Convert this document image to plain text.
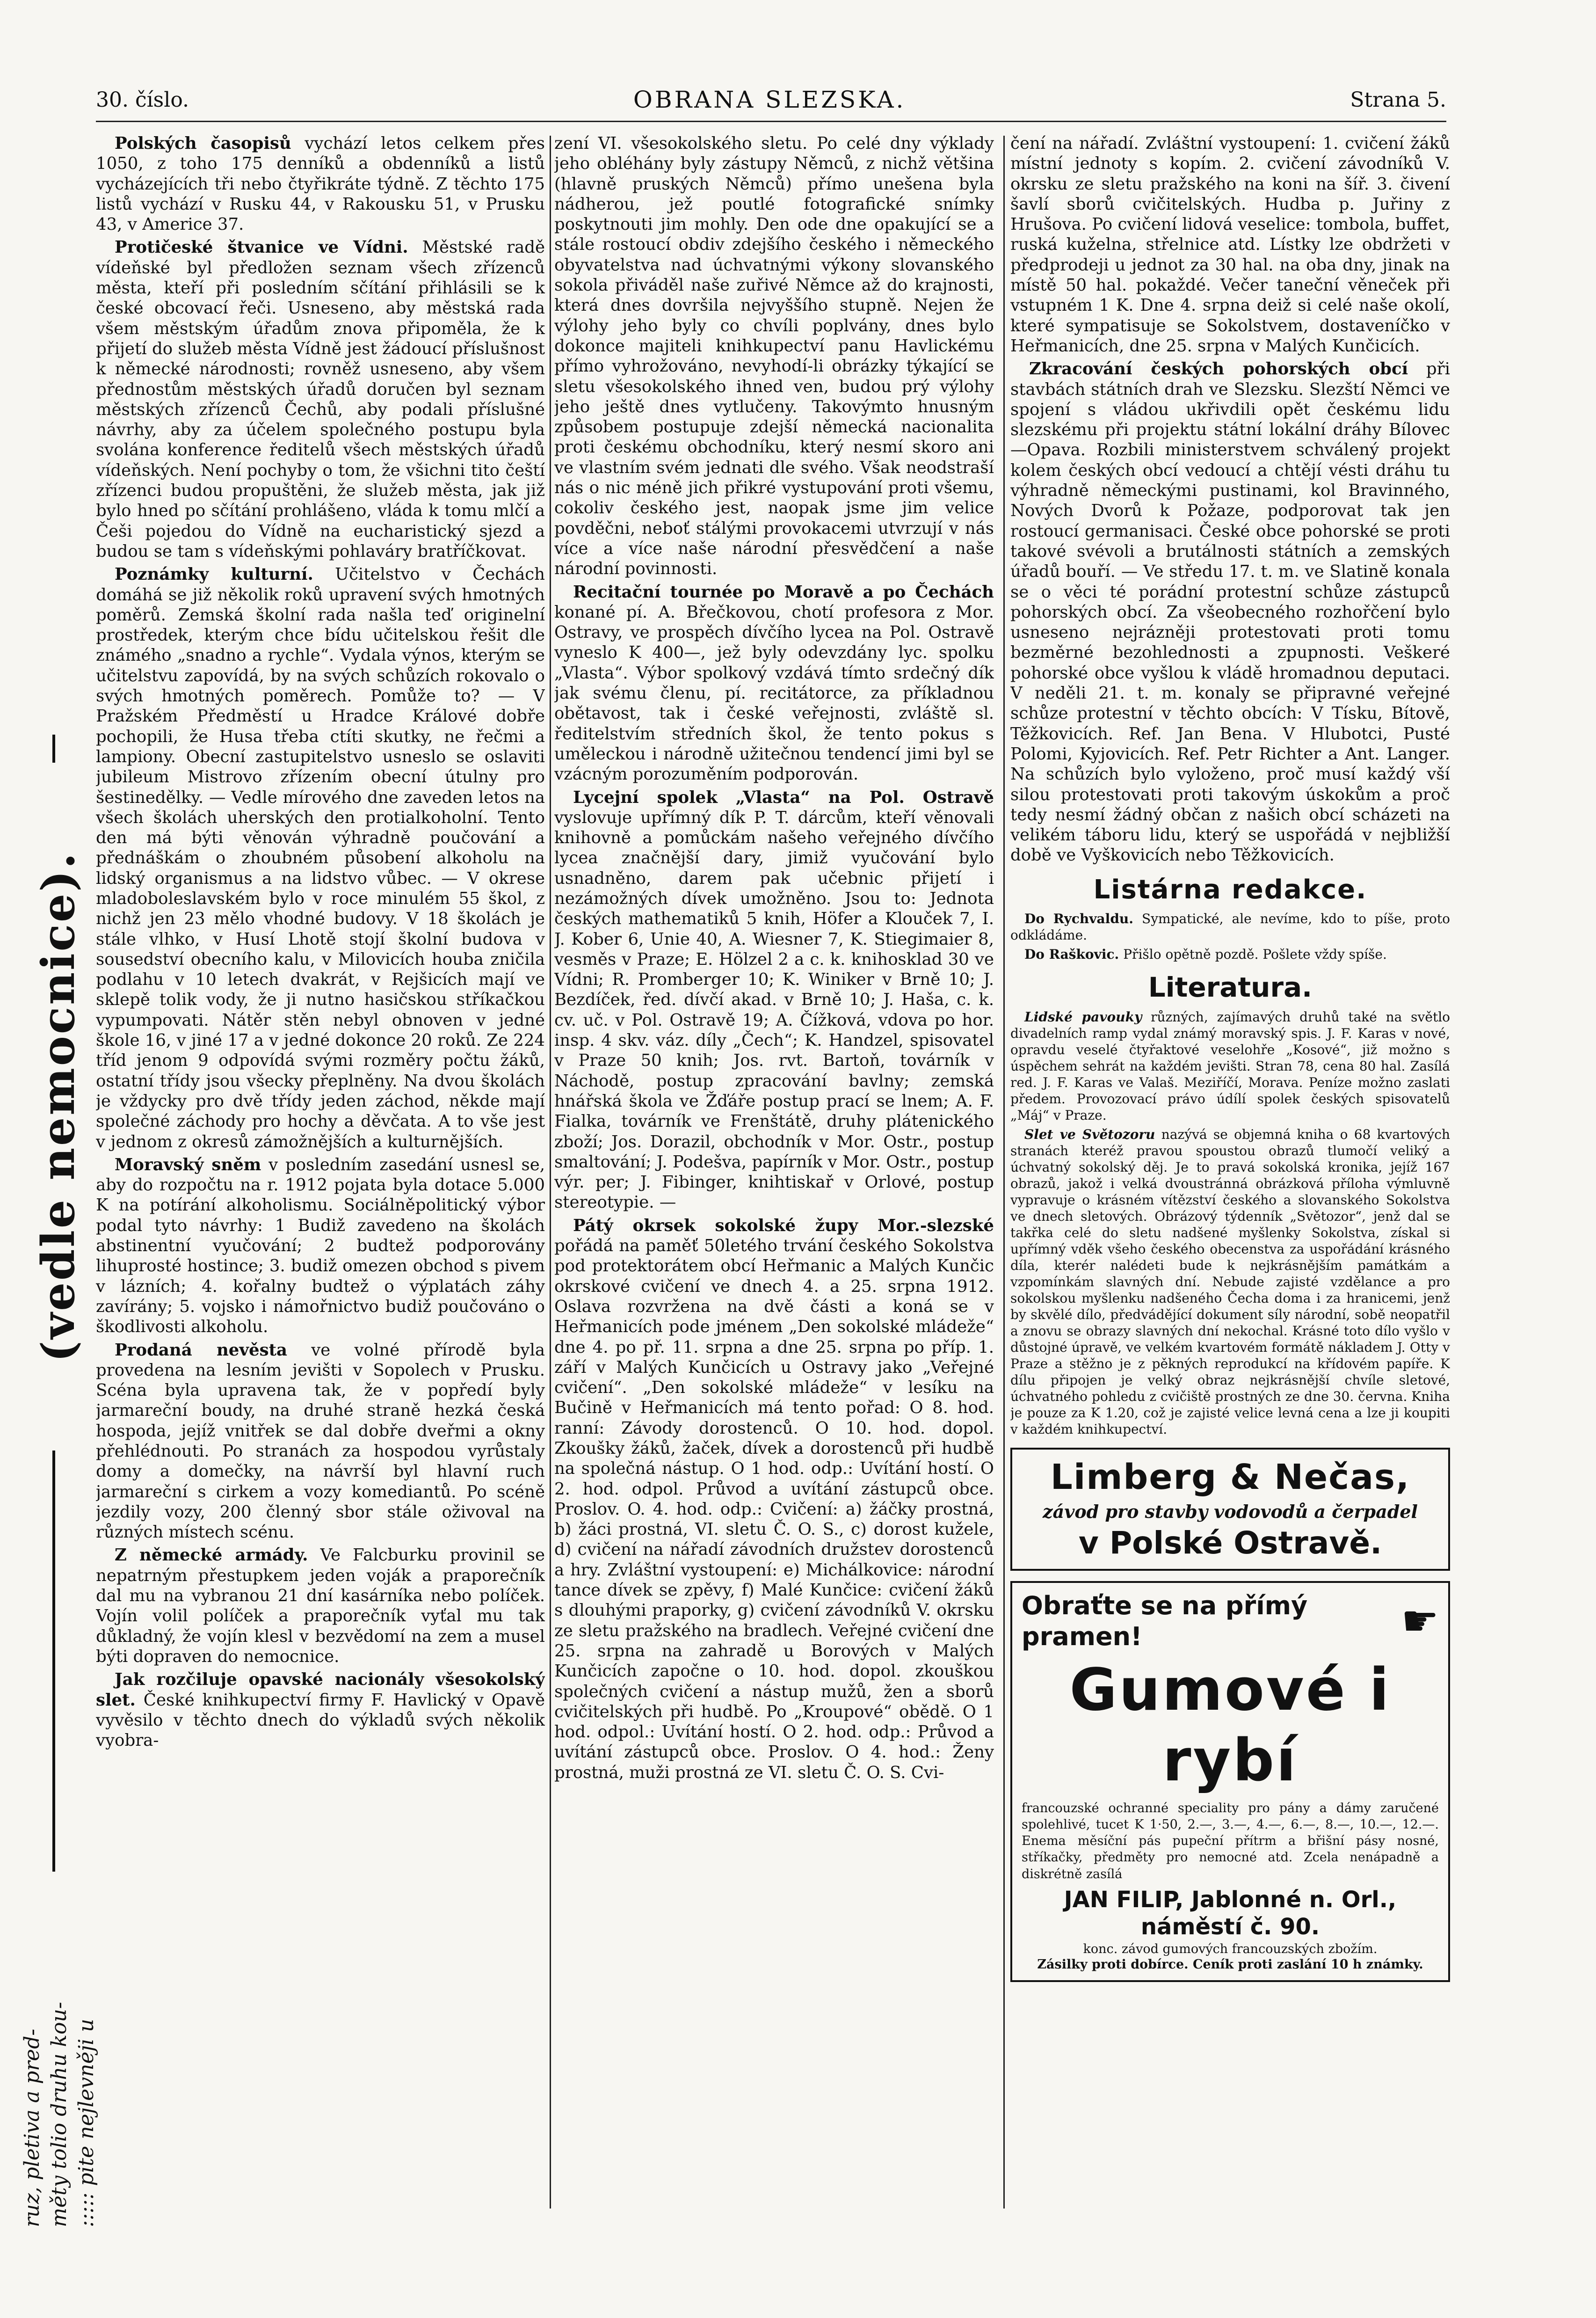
30. číslo.	OBRANA SLEZSKA.	Strana 5.
(vedle nemocnice).
ruz, pletiva a pred- měty tolio druhu kou- ::::: pite nejlevněji u

Polských časopisů vychází letos celkem přes 1050, z toho 175 denníků a obdenníků a listů vycházejících tři nebo čtyřikráte týdně. Z těchto 175 listů vychází v Rusku 44, v Rakousku 51, v Prusku 43, v Americe 37.

Protičeské štvanice ve Vídni. Městské radě vídeňské byl předložen seznam všech zřízenců města, kteří při posledním sčítání přihlásili se k české obcovací řeči. Usneseno, aby městská rada všem městským úřadům znova připoměla, že k přijetí do služeb města Vídně jest žádoucí příslušnost k německé národnosti; rovněž usneseno, aby všem přednostům městských úřadů doručen byl seznam městských zřízenců Čechů, aby podali příslušné návrhy, aby za účelem společného postupu byla svolána konference ředitelů všech městských úřadů vídeňských. Není pochyby o tom, že všichni tito čeští zřízenci budou propuštěni, že služeb města, jak již bylo hned po sčítání prohlášeno, vláda k tomu mlčí a Češi pojedou do Vídně na eucharistický sjezd a budou se tam s vídeňskými pohlaváry bratříčkovat.

Poznámky kulturní. Učitelstvo v Čechách domáhá se již několik roků upravení svých hmotných poměrů. Zemská školní rada našla teď originelní prostředek, kterým chce bídu učitelskou řešit dle známého „snadno a rychle“. Vydala výnos, kterým se učitelstvu zapovídá, by na svých schůzích rokovalo o svých hmotných poměrech. Pomůže to? — V Pražském Předměstí u Hradce Králové dobře pochopili, že Husa třeba ctíti skutky, ne řečmi a lampiony. Obecní zastupitelstvo usneslo se oslaviti jubileum Mistrovo zřízením obecní útulny pro šestinedělky. — Vedle mírového dne zaveden letos na všech školách uherských den protialkoholní. Tento den má býti věnován výhradně poučování a přednáškám o zhoubném působení alkoholu na lidský organismus a na lidstvo vůbec. — V okrese mladoboleslavském bylo v roce minulém 55 škol, z nichž jen 23 mělo vhodné budovy. V 18 školách je stále vlhko, v Husí Lhotě stojí školní budova v sousedství obecního kalu, v Milovicích houba zničila podlahu v 10 letech dvakrát, v Rejšicích mají ve sklepě tolik vody, že ji nutno hasičskou stříkačkou vypumpovati. Nátěr stěn nebyl obnoven v jedné škole 16, v jiné 17 a v jedné dokonce 20 roků. Ze 224 tříd jenom 9 odpovídá svými rozměry počtu žáků, ostatní třídy jsou všecky přeplněny. Na dvou školách je vždycky pro dvě třídy jeden záchod, někde mají společné záchody pro hochy a děvčata. A to vše jest v jednom z okresů zámožnějších a kulturnějších.

Moravský sněm v posledním zasedání usnesl se, aby do rozpočtu na r. 1912 pojata byla dotace 5.000 K na potírání alkoholismu. Sociálněpolitický výbor podal tyto návrhy: 1 Budiž zavedeno na školách abstinentní vyučování; 2 budtež podporovány lihuprosté hostince; 3. budiž omezen obchod s pivem v lázních; 4. kořalny budtež o výplatách záhy zavírány; 5. vojsko i námořnictvo budiž poučováno o škodlivosti alkoholu.

Prodaná nevěsta ve volné přírodě byla provedena na lesním jevišti v Sopolech v Prusku. Scéna byla upravena tak, že v popředí byly jarmareční boudy, na druhé straně hezká česká hospoda, jejíž vnitřek se dal dobře dveřmi a okny přehlédnouti. Po stranách za hospodou vyrůstaly domy a domečky, na návrší byl hlavní ruch jarmareční s cirkem a vozy komediantů. Po scéně jezdily vozy, 200 členný sbor stále oživoval na různých místech scénu.

Z německé armády. Ve Falcburku provinil se nepatrným přestupkem jeden voják a praporečník dal mu na vybranou 21 dní kasárníka nebo políček. Vojín volil políček a praporečník vyťal mu tak důkladný, že vojín klesl v bezvědomí na zem a musel býti dopraven do nemocnice.

Jak rozčiluje opavské nacionály všesokolský slet. České knihkupectví firmy F. Havlický v Opavě vyvěsilo v těchto dnech do výkladů svých několik vyobra-

zení VI. všesokolského sletu. Po celé dny výklady jeho obléhány byly zástupy Němců, z nichž většina (hlavně pruských Němců) přímo unešena byla nádherou, jež poutlé fotografické snímky poskytnouti jim mohly. Den ode dne opakující se a stále rostoucí obdiv zdejšího českého i německého obyvatelstva nad úchvatnými výkony slovanského sokola přiváděl naše zuřivé Němce až do krajnosti, která dnes dovršila nejvyššího stupně. Nejen že výlohy jeho byly co chvíli poplvány, dnes bylo dokonce majiteli knihkupectví panu Havlickému přímo vyhrožováno, nevyhodí-li obrázky týkající se sletu všesokolského ihned ven, budou prý výlohy jeho ještě dnes vytlučeny. Takovýmto hnusným způsobem postupuje zdejší německá nacionalita proti českému obchodníku, který nesmí skoro ani ve vlastním svém jednati dle svého. Však neodstraší nás o nic méně jich přikré vystupování proti všemu, cokoliv českého jest, naopak jsme jim velice povděčni, neboť stálými provokacemi utvrzují v nás více a více naše národní přesvědčení a naše národní povinnosti.

Recitační tournée po Moravě a po Čechách konané pí. A. Břečkovou, chotí profesora z Mor. Ostravy, ve prospěch dívčího lycea na Pol. Ostravě vyneslo K 400—, jež byly odevzdány lyc. spolku „Vlasta“. Výbor spolkový vzdává tímto srdečný dík jak svému členu, pí. recitátorce, za příkladnou obětavost, tak i české veřejnosti, zvláště sl. ředitelstvím středních škol, že tento pokus s uměleckou i národně užitečnou tendencí jimi byl se vzácným porozuměním podporován.

Lycejní spolek „Vlasta“ na Pol. Ostravě vyslovuje upřímný dík P. T. dárcům, kteří věnovali knihovně a pomůckám našeho veřejného dívčího lycea značnější dary, jimiž vyučování bylo usnadněno, darem pak učebnic přijetí i nezámožných dívek umožněno. Jsou to: Jednota českých mathematiků 5 knih, Höfer a Klouček 7, I. J. Kober 6, Unie 40, A. Wiesner 7, K. Stiegimaier 8, vesměs v Praze; E. Hölzel 2 a c. k. knihosklad 30 ve Vídni; R. Promberger 10; K. Winiker v Brně 10; J. Bezdíček, řed. dívčí akad. v Brně 10; J. Haša, c. k. cv. uč. v Pol. Ostravě 19; A. Čížková, vdova po hor. insp. 4 skv. váz. díly „Čech“; K. Handzel, spisovatel v Praze 50 knih; Jos. rvt. Bartoň, továrník v Náchodě, postup zpracování bavlny; zemská hnářská škola ve Žďáře postup prací se lnem; A. F. Fialka, továrník ve Frenštátě, druhy plátenického zboží; Jos. Dorazil, obchodník v Mor. Ostr., postup smaltování; J. Podešva, papírník v Mor. Ostr., postup výr. per; J. Fibinger, knihtiskař v Orlové, postup stereotypie. —

Pátý okrsek sokolské župy Mor.-slezské pořádá na paměť 50letého trvání českého Sokolstva pod protektorátem obcí Heřmanic a Malých Kunčic okrskové cvičení ve dnech 4. a 25. srpna 1912. Oslava rozvržena na dvě části a koná se v Heřmanicích pode jménem „Den sokolské mládeže“ dne 4. po př. 11. srpna a dne 25. srpna po příp. 1. září v Malých Kunčicích u Ostravy jako „Veřejné cvičení“. „Den sokolské mládeže“ v lesíku na Bučině v Heřmanicích má tento pořad: O 8. hod. ranní: Závody dorostenců. O 10. hod. dopol. Zkoušky žáků, žaček, dívek a dorostenců při hudbě na společná nástup. O 1 hod. odp.: Uvítání hostí. O 2. hod. odpol. Průvod a uvítání zástupců obce. Proslov. O. 4. hod. odp.: Cvičení: a) žáčky prostná, b) žáci prostná, VI. sletu Č. O. S., c) dorost kužele, d) cvičení na nářadí závodních družstev dorostenců a hry. Zvláštní vystoupení: e) Michálkovice: národní tance dívek se zpěvy, f) Malé Kunčice: cvičení žáků s dlouhými praporky, g) cvičení závodníků V. okrsku ze sletu pražského na bradlech. Veřejné cvičení dne 25. srpna na zahradě u Borových v Malých Kunčicích započne o 10. hod. dopol. zkouškou společných cvičení a nástup mužů, žen a sborů cvičitelských při hudbě. Po „Kroupové“ obědě. O 1 hod. odpol.: Uvítání hostí. O 2. hod. odp.: Průvod a uvítání zástupců obce. Proslov. O 4. hod.: Ženy prostná, muži prostná ze VI. sletu Č. O. S. Cvi-

čení na nářadí. Zvláštní vystoupení: 1. cvičení žáků místní jednoty s kopím. 2. cvičení závodníků V. okrsku ze sletu pražského na koni na šíř. 3. čivení šavlí sborů cvičitelských. Hudba p. Juřiny z Hrušova. Po cvičení lidová veselice: tombola, buffet, ruská kuželna, střelnice atd. Lístky lze obdržeti v předprodeji u jednot za 30 hal. na oba dny, jinak na místě 50 hal. pokaždé. Večer taneční věneček při vstupném 1 K. Dne 4. srpna deiž si celé naše okolí, které sympatisuje se Sokolstvem, dostaveníčko v Heřmanicích, dne 25. srpna v Malých Kunčicích.

Zkracování českých pohorských obcí při stavbách státních drah ve Slezsku. Slezští Němci ve spojení s vládou ukřivdili opět českému lidu slezskému při projektu státní lokální dráhy Bílovec—Opava. Rozbili ministerstvem schválený projekt kolem českých obcí vedoucí a chtějí vésti dráhu tu výhradně německými pustinami, kol Bravinného, Nových Dvorů k Požaze, podporovat tak jen rostoucí germanisaci. České obce pohorské se proti takové svévoli a brutálnosti státních a zemských úřadů bouří. — Ve středu 17. t. m. ve Slatině konala se o věci té porádní protestní schůze zástupců pohorských obcí. Za všeobecného rozhořčení bylo usneseno nejrázněji protestovati proti tomu bezměrné bezohlednosti a zpupnosti. Veškeré pohorské obce vyšlou k vládě hromadnou deputaci. V neděli 21. t. m. konaly se připravné veřejné schůze protestní v těchto obcích: V Tísku, Bítově, Těžkovicích. Ref. Jan Bena. V Hlubotci, Pusté Polomi, Kyjovicích. Ref. Petr Richter a Ant. Langer. Na schůzích bylo vyloženo, proč musí každý vší silou protestovati proti takovým úskokům a proč tedy nesmí žádný občan z našich obcí scházeti na velikém táboru lidu, který se uspořádá v nejbližší době ve Vyškovicích nebo Těžkovicích.

Listárna redakce.

Do Rychvaldu. Sympatické, ale nevíme, kdo to píše, proto odkládáme.

Do Raškovic. Přišlo opětně pozdě. Pošlete vždy spíše.

Literatura.

Lidské pavouky různých, zajímavých druhů také na světlo divadelních ramp vydal známý moravský spis. J. F. Karas v nové, opravdu veselé čtyřaktové veselohře „Kosové“, již možno s úspěchem sehrát na každém jevišti. Stran 78, cena 80 hal. Zasílá red. J. F. Karas ve Valaš. Meziříčí, Morava. Peníze možno zaslati předem. Provozovací právo údílí spolek českých spisovatelů „Máj“ v Praze.

Slet ve Světozoru nazývá se objemná kniha o 68 kvartových stranách kteréž pravou spoustou obrazů tlumočí veliký a úchvatný sokolský děj. Je to pravá sokolská kronika, jejíž 167 obrazů, jakož i velká dvoustránná obrázková příloha výmluvně vypravuje o krásném vítězství českého a slovanského Sokolstva ve dnech sletových. Obrázový týdenník „Světozor“, jenž dal se takřka celé do sletu nadšené myšlenky Sokolstva, získal si upřímný vděk všeho českého obecenstva za uspořádání krásného díla, kterér nalédeti bude k nejkrásnějším památkám a vzpomínkám slavných dní. Nebude zajisté vzdělance a pro sokolskou myšlenku nadšeného Čecha doma i za hranicemi, jenž by skvělé dílo, předvádějící dokument síly národní, sobě neopatřil a znovu se obrazy slavných dní nekochal. Krásné toto dílo vyšlo v důstojné úpravě, ve velkém kvartovém formátě nákladem J. Otty v Praze a stěžno je z pěkných reprodukcí na křídovém papíře. K dílu připojen je velký obraz nejkrásnější chvíle sletové, úchvatného pohledu z cvičiště prostných ze dne 30. června. Kniha je pouze za K 1.20, což je zajisté velice levná cena a lze ji koupiti v každém knihkupectví.

Limberg & Nečas,
závod pro stavby vodovodů a čerpadel
v Polské Ostravě.
Obraťte se na přímý pramen!	☛
Gumové i rybí
francouzské ochranné speciality pro pány a dámy zaručené spolehlivé, tucet K 1·50, 2.—, 3.—, 4.—, 6.—, 8.—, 10.—, 12.—. Enema měsíční pás pupeční přítrm a břišní pásy nosné, stříkačky, předměty pro nemocné atd. Zcela nenápadně a diskrétně zasílá
JAN FILIP, Jablonné n. Orl., náměstí č. 90.
konc. závod gumových francouzských zbožím.
Zásilky proti dobírce. Ceník proti zaslání 10 h známky.
